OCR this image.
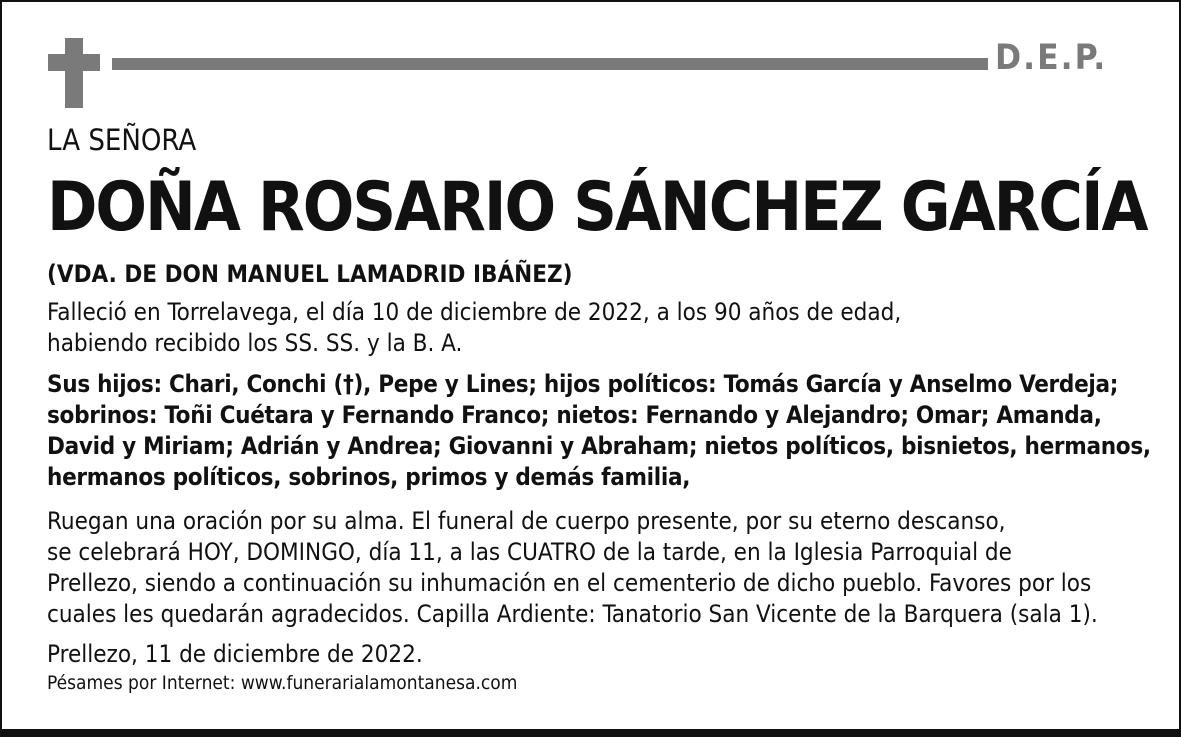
D.E.P.
LA SEÑORA
DOÑA ROSARIO SÁNCHEZ GARCÍA
(VDA. DE DON MANUEL LAMADRID IBÁÑEZ)
Falleció en Torrelavega, el día 10 de diciembre de 2022, a los 90 años de edad,
habiendo recibido los SS. SS. y la B. A.
Sus hijos: Chari, Conchi (†), Pepe y Lines; hijos políticos: Tomás García y Anselmo Verdeja;
sobrinos: Toñi Cuétara y Fernando Franco; nietos: Fernando y Alejandro; Omar; Amanda,
David y Miriam; Adrián y Andrea; Giovanni y Abraham; nietos políticos, bisnietos, hermanos,
hermanos políticos, sobrinos, primos y demás familia,
Ruegan una oración por su alma. El funeral de cuerpo presente, por su eterno descanso,
se celebrará HOY, DOMINGO, día 11, a las CUATRO de la tarde, en la Iglesia Parroquial de
Prellezo, siendo a continuación su inhumación en el cementerio de dicho pueblo. Favores por los
cuales les quedarán agradecidos. Capilla Ardiente: Tanatorio San Vicente de la Barquera (sala 1).
Prellezo, 11 de diciembre de 2022.
Pésames por Internet: www.funerarialamontanesa.com
